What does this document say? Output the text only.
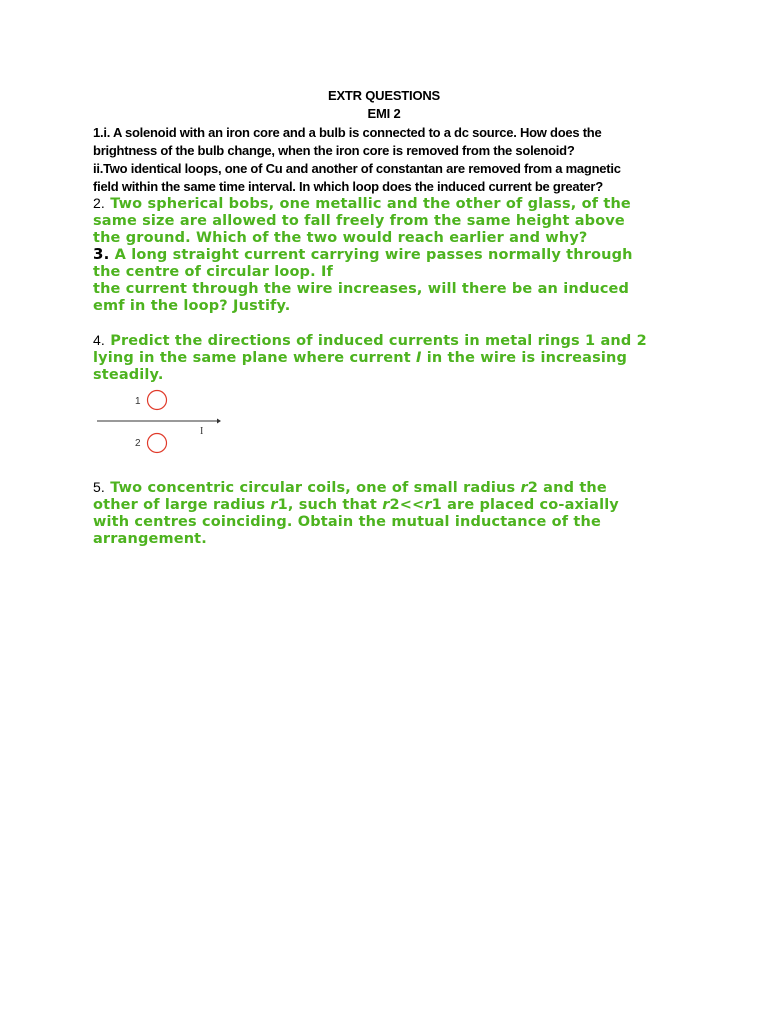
EXTR QUESTIONS
EMI 2

1.i. A solenoid with an iron core and a bulb is connected to a dc source. How does the

brightness of the bulb change, when the iron core is removed from the solenoid?

ii.Two identical loops, one of Cu and another of constantan are removed from a magnetic

field within the same time interval. In which loop does the induced current be greater?

2. Two spherical bobs, one metallic and the other of glass, of the

same size are allowed to fall freely from the same height above

the ground. Which of the two would reach earlier and why?

3. A long straight current carrying wire passes normally through

the centre of circular loop. If

the current through the wire increases, will there be an induced

emf in the loop? Justify.

4. Predict the directions of induced currents in metal rings 1 and 2

lying in the same plane where current I in the wire is increasing

steadily.

1
I
2

5. Two concentric circular coils, one of small radius r2 and the

other of large radius r1, such that r2<<r1 are placed co-axially

with centres coinciding. Obtain the mutual inductance of the

arrangement.
